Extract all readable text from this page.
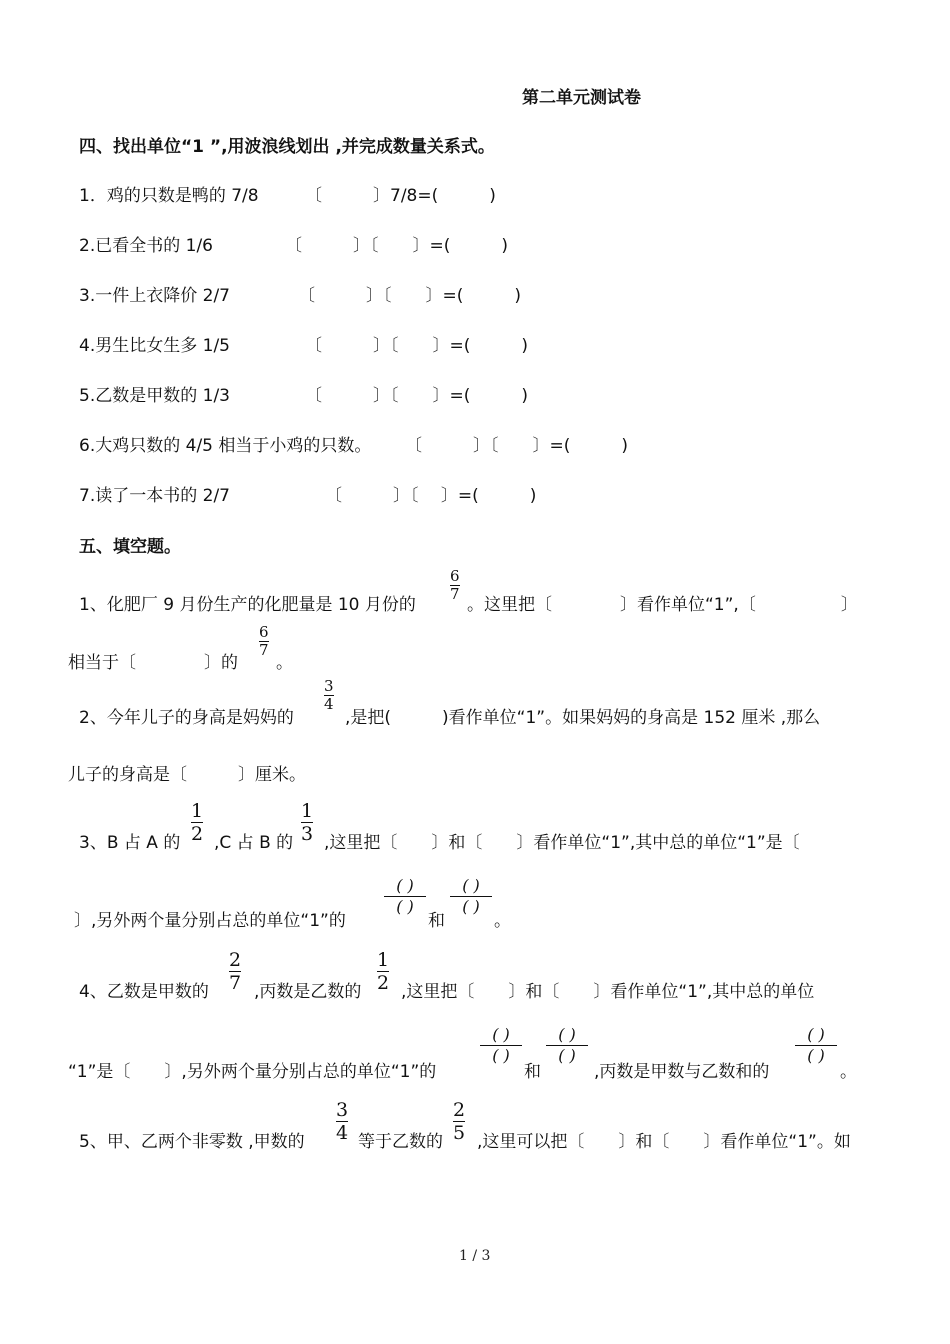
第二单元测试卷
四、找出单位“1 ”,用波浪线划出 ,并完成数量关系式。
1．鸡的只数是鸭的 7/8	〔　　　〕7/8=(　　　)
2.已看全书的 1/6	〔　　　〕〔　　〕=(　　　)
3.一件上衣降价 2/7	〔　　　〕〔　　〕=(　　　)
4.男生比女生多 1/5	〔　　　〕〔　　〕=(　　　)
5.乙数是甲数的 1/3	〔　　　〕〔　　〕=(　　　)
6.大鸡只数的 4/5 相当于小鸡的只数。 〔　　　〕〔　　〕=(　　　)
7.读了一本书的 2/7	〔　　　〕〔　 〕=(　　　)
五、填空题。
1、化肥厂 9 月份生产的化肥量是 10 月份的
6
7
。这里把〔　　　　〕看作单位“1”,〔　　　　　〕
相当于〔　　　　〕的
6
7
。
2、今年儿子的身高是妈妈的
3
4
,是把(　　　)看作单位“1”。如果妈妈的身高是 152 厘米 ,那么
儿子的身高是〔　　　〕厘米。
3、B 占 A 的
1
2 ,C 占 B 的
1
3 ,这里把〔　　〕和〔　　〕看作单位“1”,其中总的单位“1”是〔
〕,另外两个量分别占总的单位“1”的
( )
( )
和
( )
( )
。
4、乙数是甲数的
2
7 ,丙数是乙数的
1
2 ,这里把〔　　〕和〔　　〕看作单位“1”,其中总的单位
“1”是〔　　〕,另外两个量分别占总的单位“1”的
( )
( )
和
( )
( )
,丙数是甲数与乙数和的
( )
( )
。
5、甲、乙两个非零数 ,甲数的
3
4 等于乙数的
2
5 ,这里可以把〔　　〕和〔　　〕看作单位“1”。如
1 / 3
